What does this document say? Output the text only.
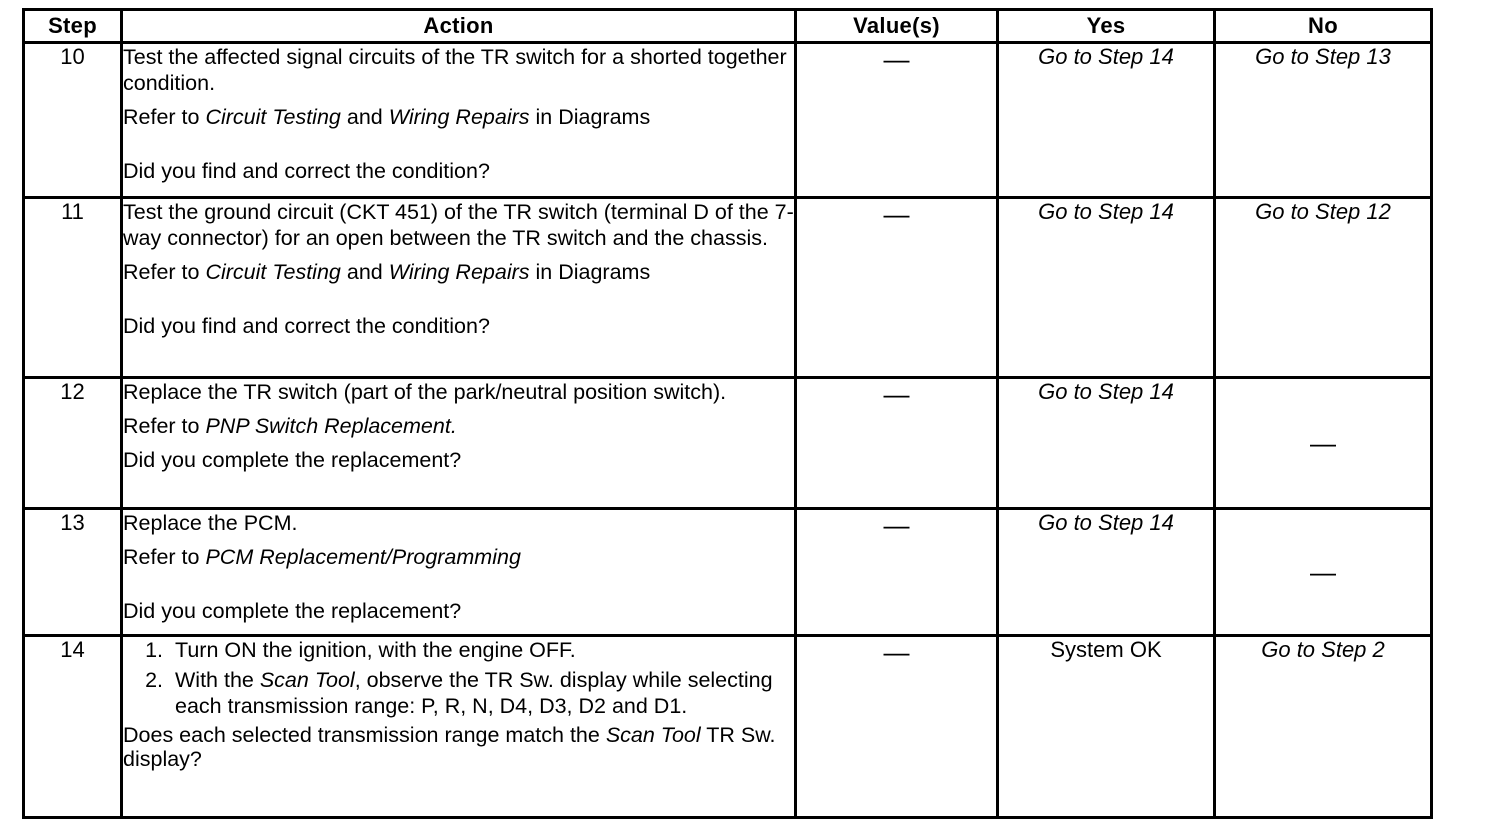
Step	Action	Value(s)	Yes	No
10	Test the affected signal circuits of the TR switch for a shorted together condition.

Refer to Circuit Testing and Wiring Repairs in Diagrams

Did you find and correct the condition?	—	Go to Step 14	Go to Step 13
11	Test the ground circuit (CKT 451) of the TR switch (terminal D of the 7-way connector) for an open between the TR switch and the chassis.

Refer to Circuit Testing and Wiring Repairs in Diagrams

Did you find and correct the condition?	—	Go to Step 14	Go to Step 12
12	Replace the TR switch (part of the park/neutral position switch).

Refer to PNP Switch Replacement.

Did you complete the replacement?	—	Go to Step 14	—
13	Replace the PCM.

Refer to PCM Replacement/Programming

Did you complete the replacement?	—	Go to Step 14	—
14	1. Turn ON the ignition, with the engine OFF.
2. With the Scan Tool, observe the TR Sw. display while selecting each transmission range: P, R, N, D4, D3, D2 and D1.

Does each selected transmission range match the Scan Tool TR Sw. display?	—	System OK	Go to Step 2
